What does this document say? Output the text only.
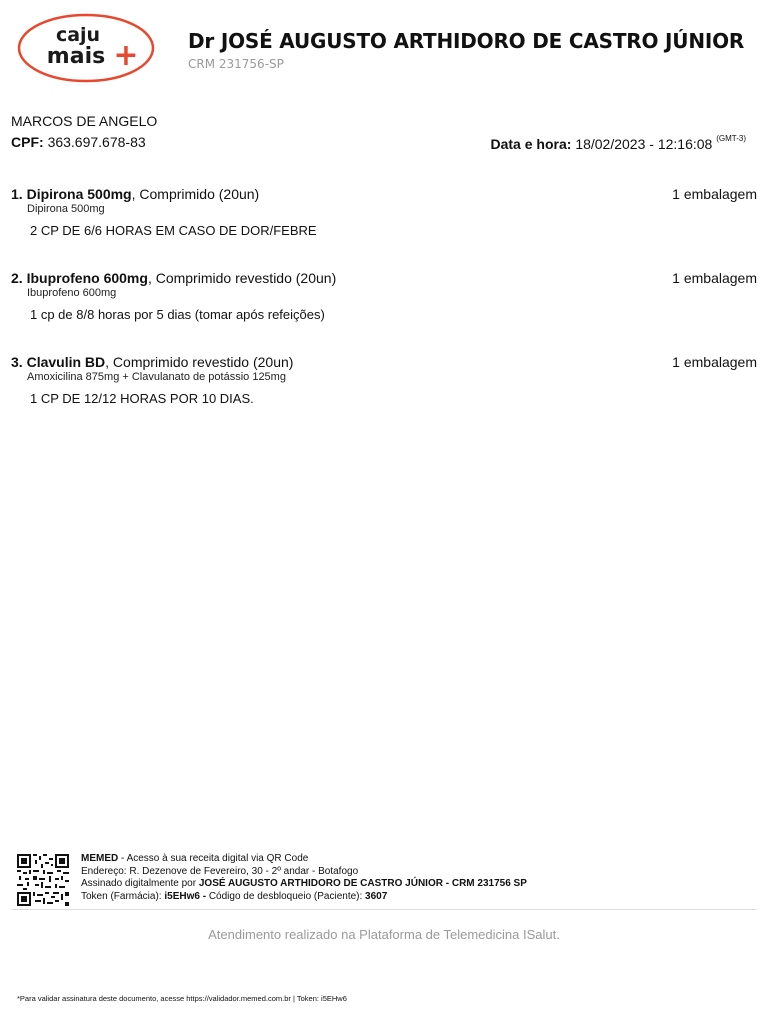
caju
mais + Dr JOSÉ AUGUSTO ARTHIDORO DE CASTRO JÚNIOR
CRM 231756-SP
MARCOS DE ANGELO
CPF: 363.697.678-83	Data e hora: 18/02/2023 - 12:16:08 $^{(GMT-3)}$
1. Dipirona 500mg, Comprimido (20un)	1 embalagem
Dipirona 500mg
2 CP DE 6/6 HORAS EM CASO DE DOR/FEBRE
2. Ibuprofeno 600mg, Comprimido revestido (20un)	1 embalagem
Ibuprofeno 600mg
1 cp de 8/8 horas por 5 dias (tomar após refeições)
3. Clavulin BD, Comprimido revestido (20un)	1 embalagem
Amoxicilina 875mg + Clavulanato de potássio 125mg
1 CP DE 12/12 HORAS POR 10 DIAS.
MEMED - Acesso à sua receita digital via QR Code
Endereço: R. Dezenove de Fevereiro, 30 - 2º andar - Botafogo
Assinado digitalmente por JOSÉ AUGUSTO ARTHIDORO DE CASTRO JÚNIOR - CRM 231756 SP
Token (Farmácia): i5EHw6 - Código de desbloqueio (Paciente): 3607
Atendimento realizado na Plataforma de Telemedicina ISalut.
*Para validar assinatura deste documento, acesse https://validador.memed.com.br | Token: i5EHw6
